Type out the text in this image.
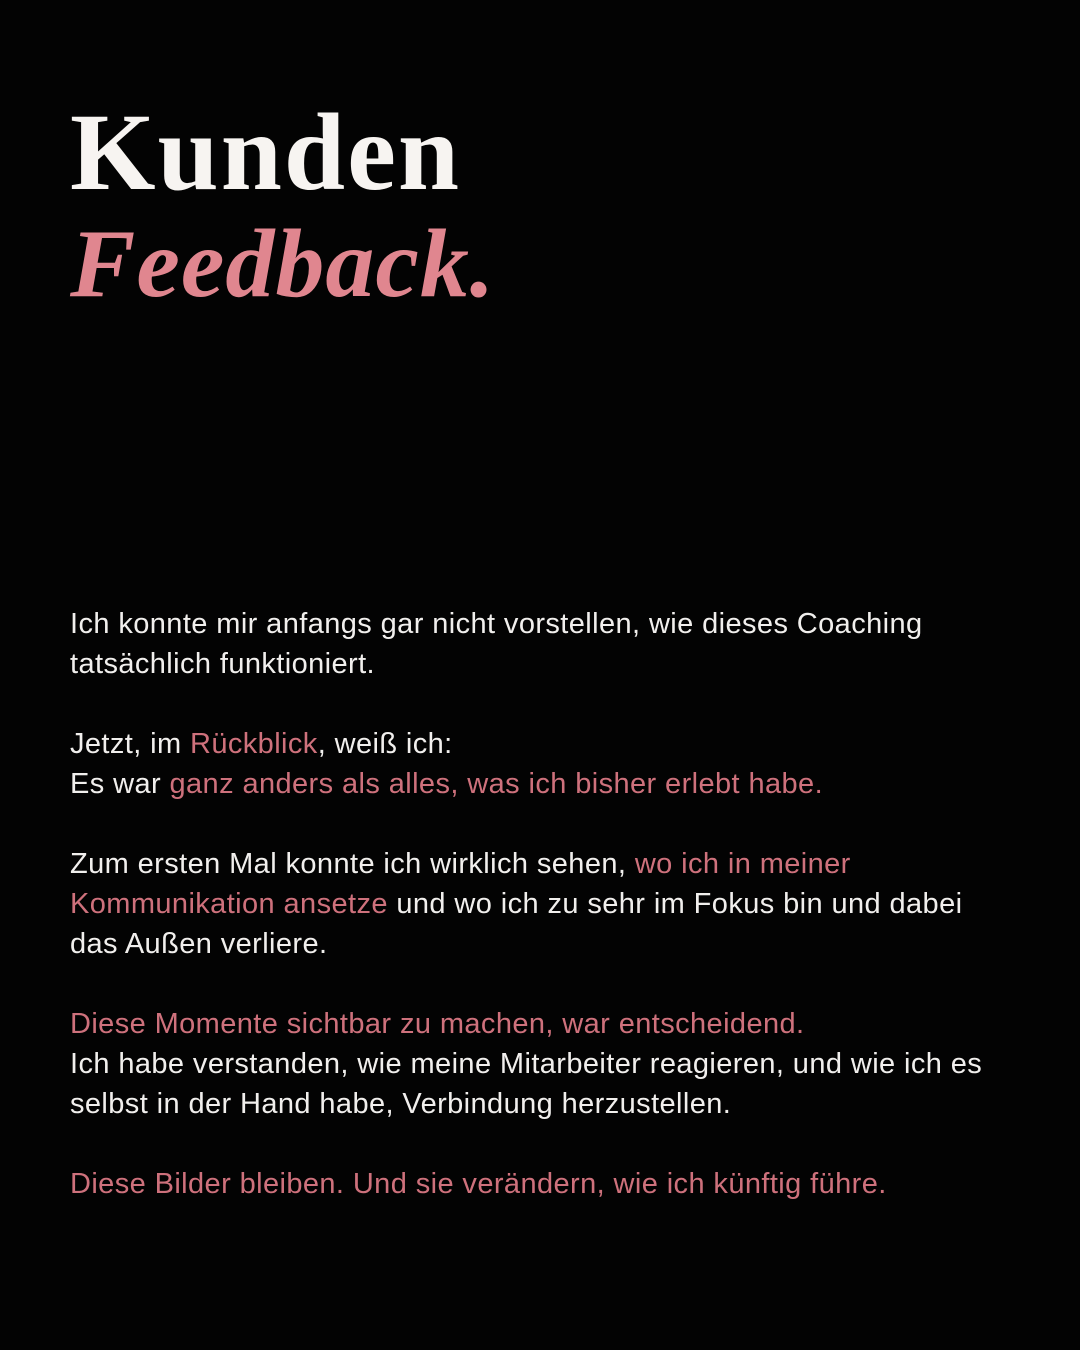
Kunden
Feedback.

Ich konnte mir anfangs gar nicht vorstellen, wie dieses Coaching
tatsächlich funktioniert.

Jetzt, im Rückblick, weiß ich:
Es war ganz anders als alles, was ich bisher erlebt habe.

Zum ersten Mal konnte ich wirklich sehen, wo ich in meiner
Kommunikation ansetze und wo ich zu sehr im Fokus bin und dabei
das Außen verliere.

Diese Momente sichtbar zu machen, war entscheidend.
Ich habe verstanden, wie meine Mitarbeiter reagieren, und wie ich es
selbst in der Hand habe, Verbindung herzustellen.

Diese Bilder bleiben. Und sie verändern, wie ich künftig führe.
